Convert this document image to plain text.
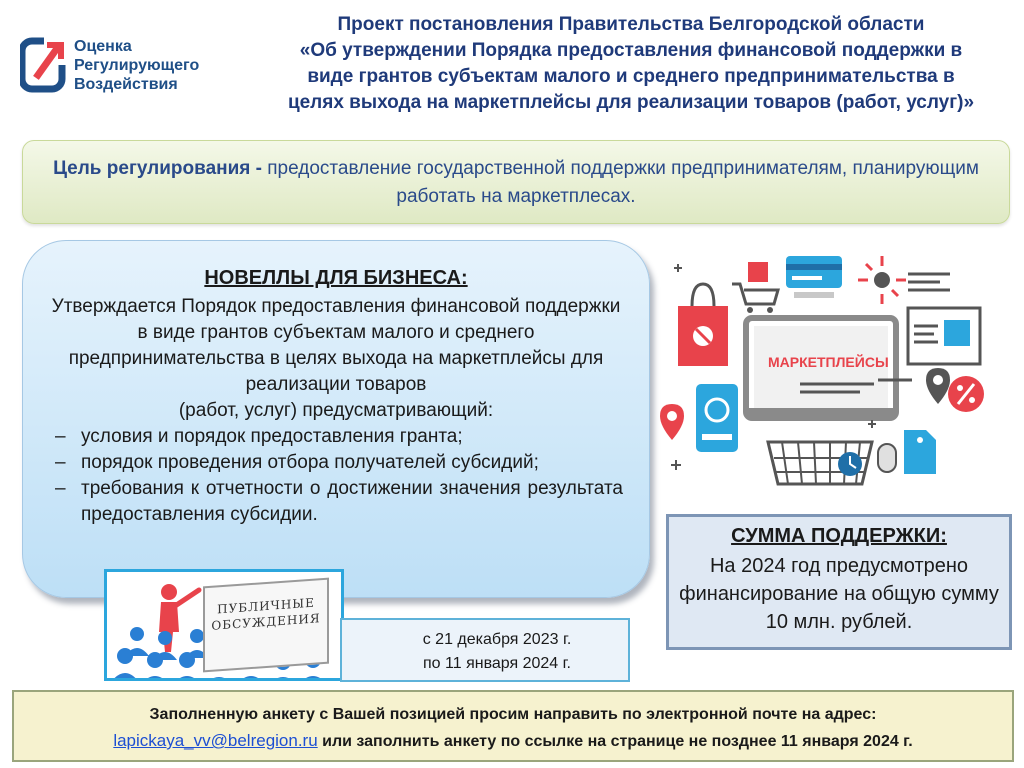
Оценка
Регулирующего
Воздействия
Проект постановления Правительства Белгородской области
«Об утверждении Порядка предоставления финансовой поддержки в
виде грантов субъектам малого и среднего предпринимательства в
целях выхода на маркетплейсы для реализации товаров (работ, услуг)»
Цель регулирования - предоставление государственной поддержки предпринимателям, планирующим работать на маркетплесах.
НОВЕЛЛЫ ДЛЯ БИЗНЕСА:
Утверждается Порядок предоставления финансовой поддержки в виде грантов субъектам малого и среднего предпринимательства в целях выхода на маркетплейсы для реализации товаров
(работ, услуг) предусматривающий:
– условия и порядок предоставления гранта;
– порядок проведения отбора получателей субсидий;
– требования к отчетности о достижении значения результата предоставления субсидии.
ПУБЛИЧНЫЕ
ОБСУЖДЕНИЯ
с 21 декабря 2023 г.
по 11 января 2024 г.
МАРКЕТПЛЕЙСЫ
СУММА ПОДДЕРЖКИ:
На 2024 год предусмотрено финансирование на общую сумму 10 млн. рублей.
Заполненную анкету с Вашей позицией просим направить по электронной почте на адрес:
lapickaya_vv@belregion.ru или заполнить анкету по ссылке на странице не позднее 11 января 2024 г.
